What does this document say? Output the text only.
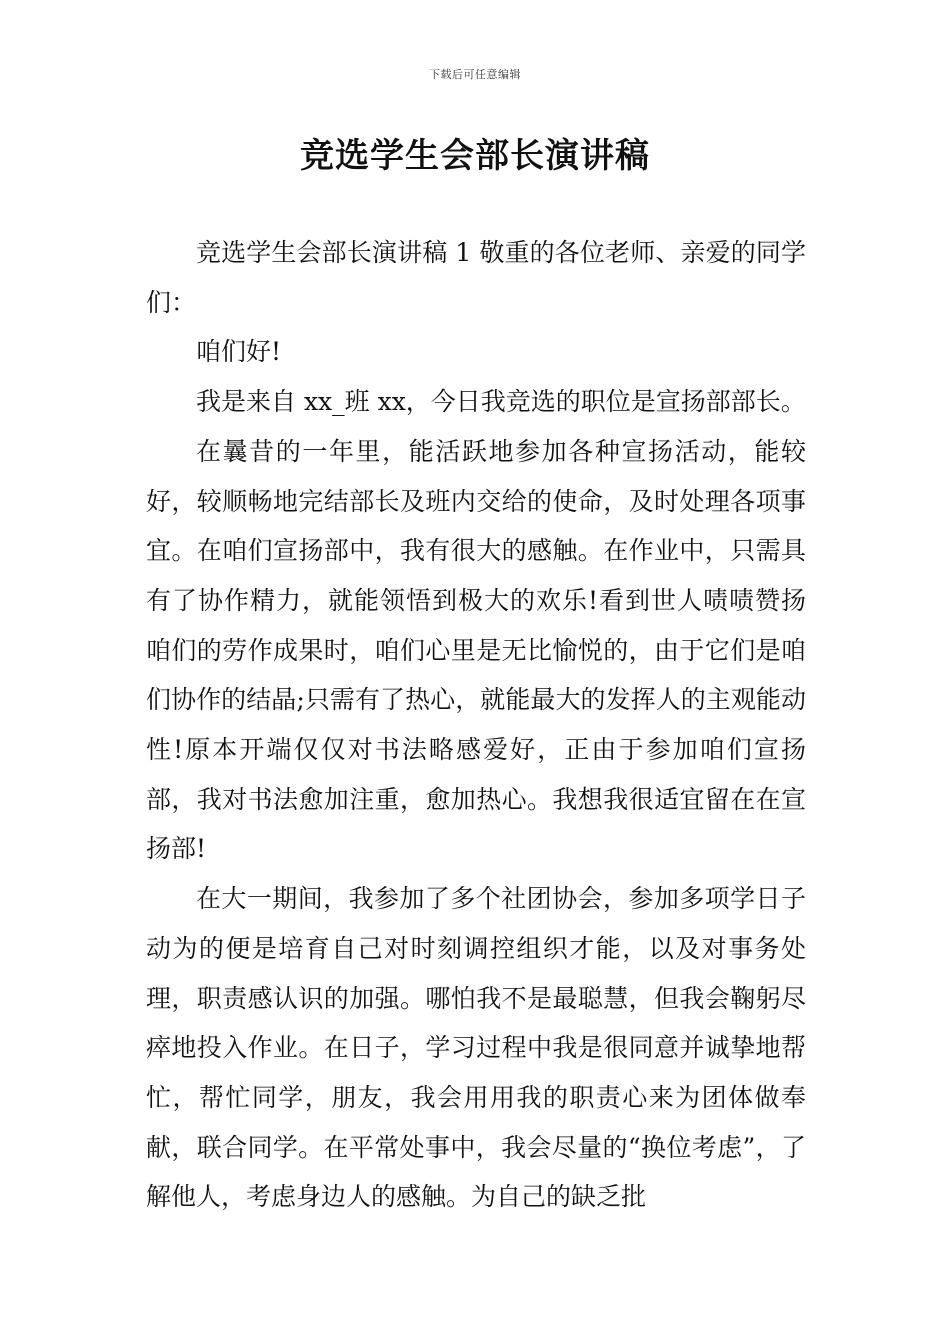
下载后可任意编辑
竞选学生会部长演讲稿

竞选学生会部长演讲稿 1 敬重的各位老师、亲爱的同学们：

咱们好!

我是来自 xx_班 xx，今日我竞选的职位是宣扬部部长。

在曩昔的一年里，能活跃地参加各种宣扬活动，能较好，较顺畅地完结部长及班内交给的使命，及时处理各项事宜。在咱们宣扬部中，我有很大的感触。在作业中，只需具有了协作精力，就能领悟到极大的欢乐!看到世人啧啧赞扬咱们的劳作成果时，咱们心里是无比愉悦的，由于它们是咱们协作的结晶;只需有了热心，就能最大的发挥人的主观能动性!原本开端仅仅对书法略感爱好，正由于参加咱们宣扬部，我对书法愈加注重，愈加热心。我想我很适宜留在在宣扬部!

在大一期间，我参加了多个社团协会，参加多项学日子动为的便是培育自己对时刻调控组织才能，以及对事务处理，职责感认识的加强。哪怕我不是最聪慧，但我会鞠躬尽瘁地投入作业。在日子，学习过程中我是很同意并诚挚地帮忙，帮忙同学，朋友，我会用用我的职责心来为团体做奉献，联合同学。在平常处事中，我会尽量的“换位考虑”，了解他人，考虑身边人的感触。为自己的缺乏批
